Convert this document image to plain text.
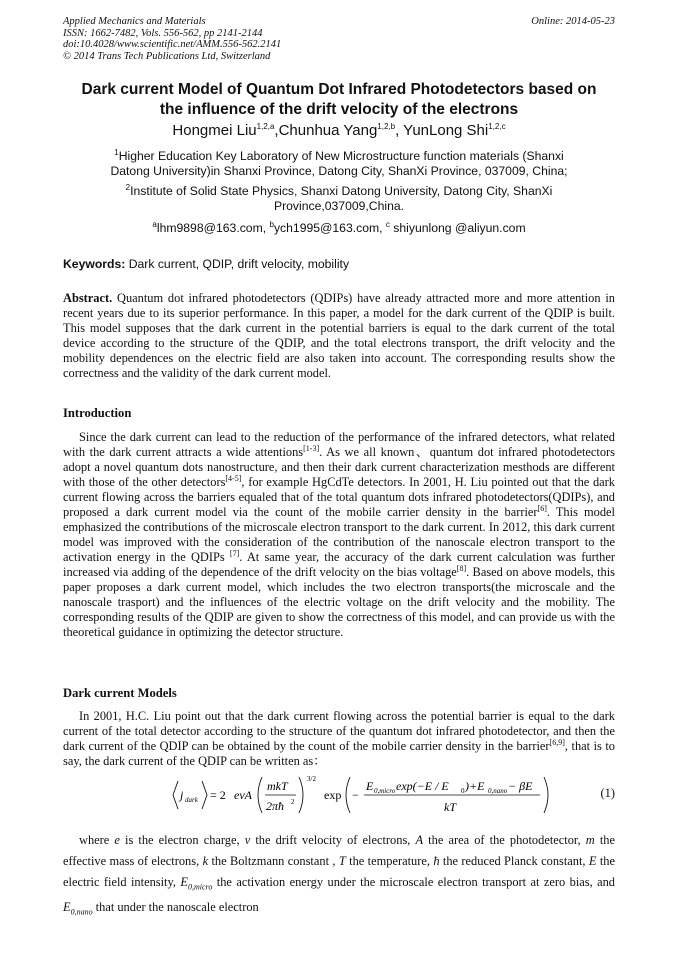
Applied Mechanics and Materials
ISSN: 1662-7482, Vols. 556-562, pp 2141-2144
doi:10.4028/www.scientific.net/AMM.556-562.2141
© 2014 Trans Tech Publications Ltd, Switzerland
Online: 2014-05-23
Dark current Model of Quantum Dot Infrared Photodetectors based on
the influence of the drift velocity of the electrons
Hongmei Liu$^{1,2,a}$,Chunhua Yang$^{1,2,b}$, YunLong Shi$^{1,2,c}$
$^1$Higher Education Key Laboratory of New Microstructure function materials (Shanxi
Datong University)in Shanxi Province, Datong City, ShanXi Province, 037009, China;
$^2$Institute of Solid State Physics, Shanxi Datong University, Datong City, ShanXi
Province,037009,China.
$^a$lhm9898@163.com, $^b$ych1995@163.com, $^c$ shiyunlong @aliyun.com
Keywords: Dark current, QDIP, drift velocity, mobility
Abstract. Quantum dot infrared photodetectors (QDIPs) have already attracted more and more attention in recent years due to its superior performance. In this paper, a model for the dark current of the QDIP is built. This model supposes that the dark current in the potential barriers is equal to the dark current of the total device according to the structure of the QDIP, and the total electrons transport, the drift velocity and the mobility dependences on the electric field are also taken into account. The corresponding results show the correctness and the validity of the dark current model.
Introduction
Since the dark current can lead to the reduction of the performance of the infrared detectors, what related with the dark current attracts a wide attentions[1-3]. As we all known、quantum dot infrared photodetectors adopt a novel quantum dots nanostructure, and then their dark current characterization mesthods are different with those of the other detectors[4-5], for example HgCdTe detectors. In 2001, H. Liu pointed out that the dark current flowing across the barriers equaled that of the total quantum dots infrared photodetectors(QDIPs), and proposed a dark current model via the count of the mobile carrier density in the barrier[6]. This model emphasized the contributions of the microscale electron transport to the dark current. In 2012, this dark current model was improved with the consideration of the contribution of the nanoscale electron transport to the activation energy in the QDIPs [7]. At same year, the accuracy of the dark current calculation was further increased via adding of the dependence of the drift velocity on the bias voltage[8]. Based on above models, this paper proposes a dark current model, which includes the two electron transports(the microscale and the nanoscale trasport) and the influences of the electric voltage on the drift velocity and the mobility. The corresponding results of the QDIP are given to show the correctness of this model, and can provide us with the theoretical guidance in optimizing the detector structure.
Dark current Models
In 2001, H.C. Liu point out that the dark current flowing across the potential barrier is equal to the dark current of the total detector according to the structure of the quantum dot infrared photodetector, and then the dark current of the QDIP can be obtained by the count of the mobile carrier density in the barrier[6,9], that is to say, the dark current of the QDIP can be written as：
j dark = 2 evA
mkT
2πħ 2
3/2
exp −
E 0,micro exp(−E / E 0 )+E 0,nano − βE
kT
(1)
where e is the electron charge, v the drift velocity of electrons, A the area of the photodetector, m the effective mass of electrons, k the Boltzmann constant , T the temperature, ħ the reduced Planck constant, E the electric field intensity, $E_{0,micro}$ the activation energy under the microscale electron transport at zero bias, and $E_{0,nano}$ that under the nanoscale electron
